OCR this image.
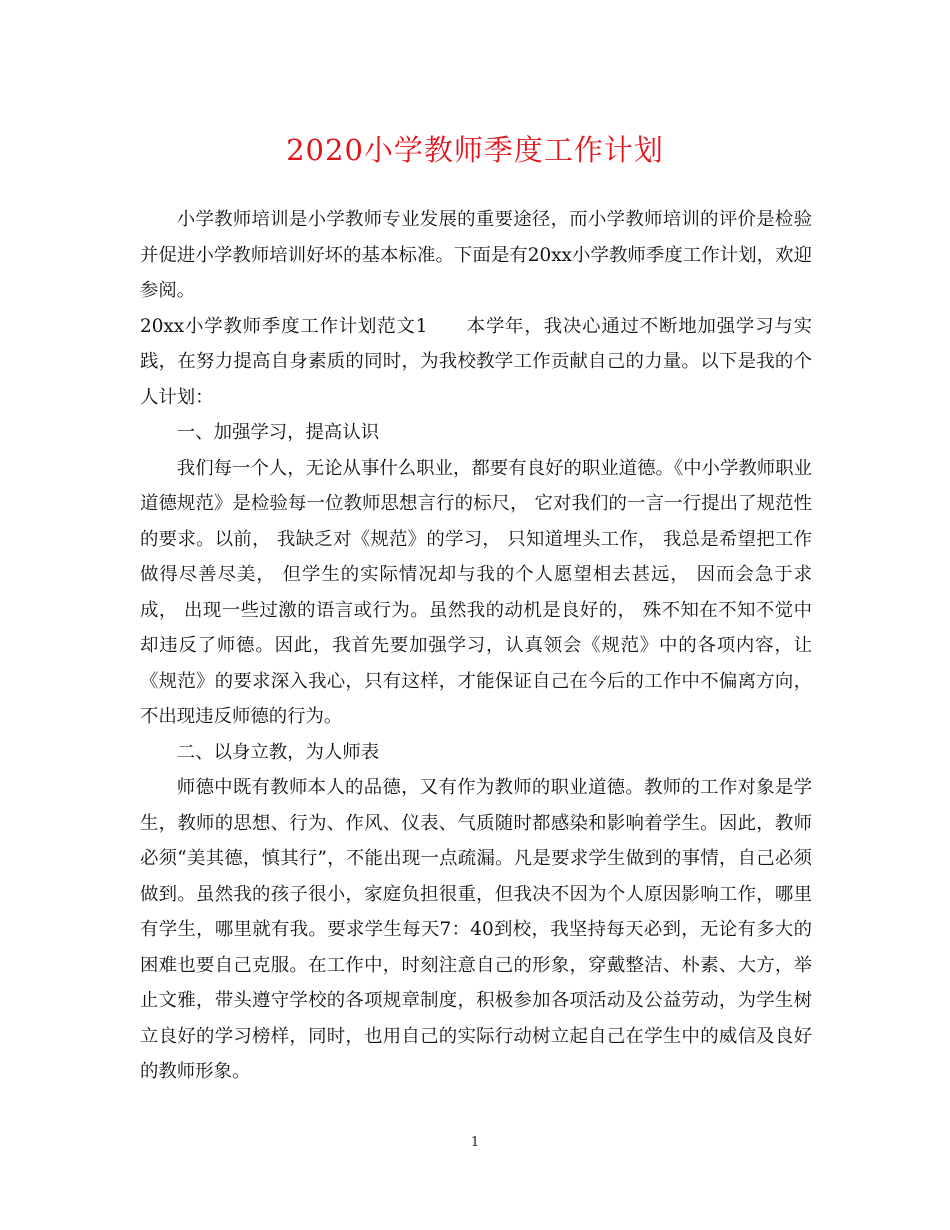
2020小学教师季度工作计划

小学教师培训是小学教师专业发展的重要途径，而小学教师培训的评价是检验并促进小学教师培训好坏的基本标准。下面是有20xx小学教师季度工作计划，欢迎参阅。

20xx小学教师季度工作计划范文1　　本学年，我决心通过不断地加强学习与实践，在努力提高自身素质的同时，为我校教学工作贡献自己的力量。以下是我的个人计划：

一、加强学习，提高认识

我们每一个人，无论从事什么职业，都要有良好的职业道德。《中小学教师职业道德规范》是检验每一位教师思想言行的标尺， 它对我们的一言一行提出了规范性的要求。以前， 我缺乏对《规范》的学习， 只知道埋头工作， 我总是希望把工作做得尽善尽美， 但学生的实际情况却与我的个人愿望相去甚远， 因而会急于求成， 出现一些过激的语言或行为。虽然我的动机是良好的， 殊不知在不知不觉中却违反了师德。因此，我首先要加强学习，认真领会《规范》中的各项内容，让《规范》的要求深入我心，只有这样，才能保证自己在今后的工作中不偏离方向，不出现违反师德的行为。

二、以身立教，为人师表

师德中既有教师本人的品德，又有作为教师的职业道德。教师的工作对象是学生，教师的思想、行为、作风、仪表、气质随时都感染和影响着学生。因此，教师必须“美其德，慎其行”，不能出现一点疏漏。凡是要求学生做到的事情，自己必须做到。虽然我的孩子很小，家庭负担很重，但我决不因为个人原因影响工作，哪里有学生，哪里就有我。要求学生每天7：40到校，我坚持每天必到，无论有多大的困难也要自己克服。在工作中，时刻注意自己的形象，穿戴整洁、朴素、大方，举止文雅，带头遵守学校的各项规章制度，积极参加各项活动及公益劳动，为学生树立良好的学习榜样，同时，也用自己的实际行动树立起自己在学生中的威信及良好的教师形象。

1
